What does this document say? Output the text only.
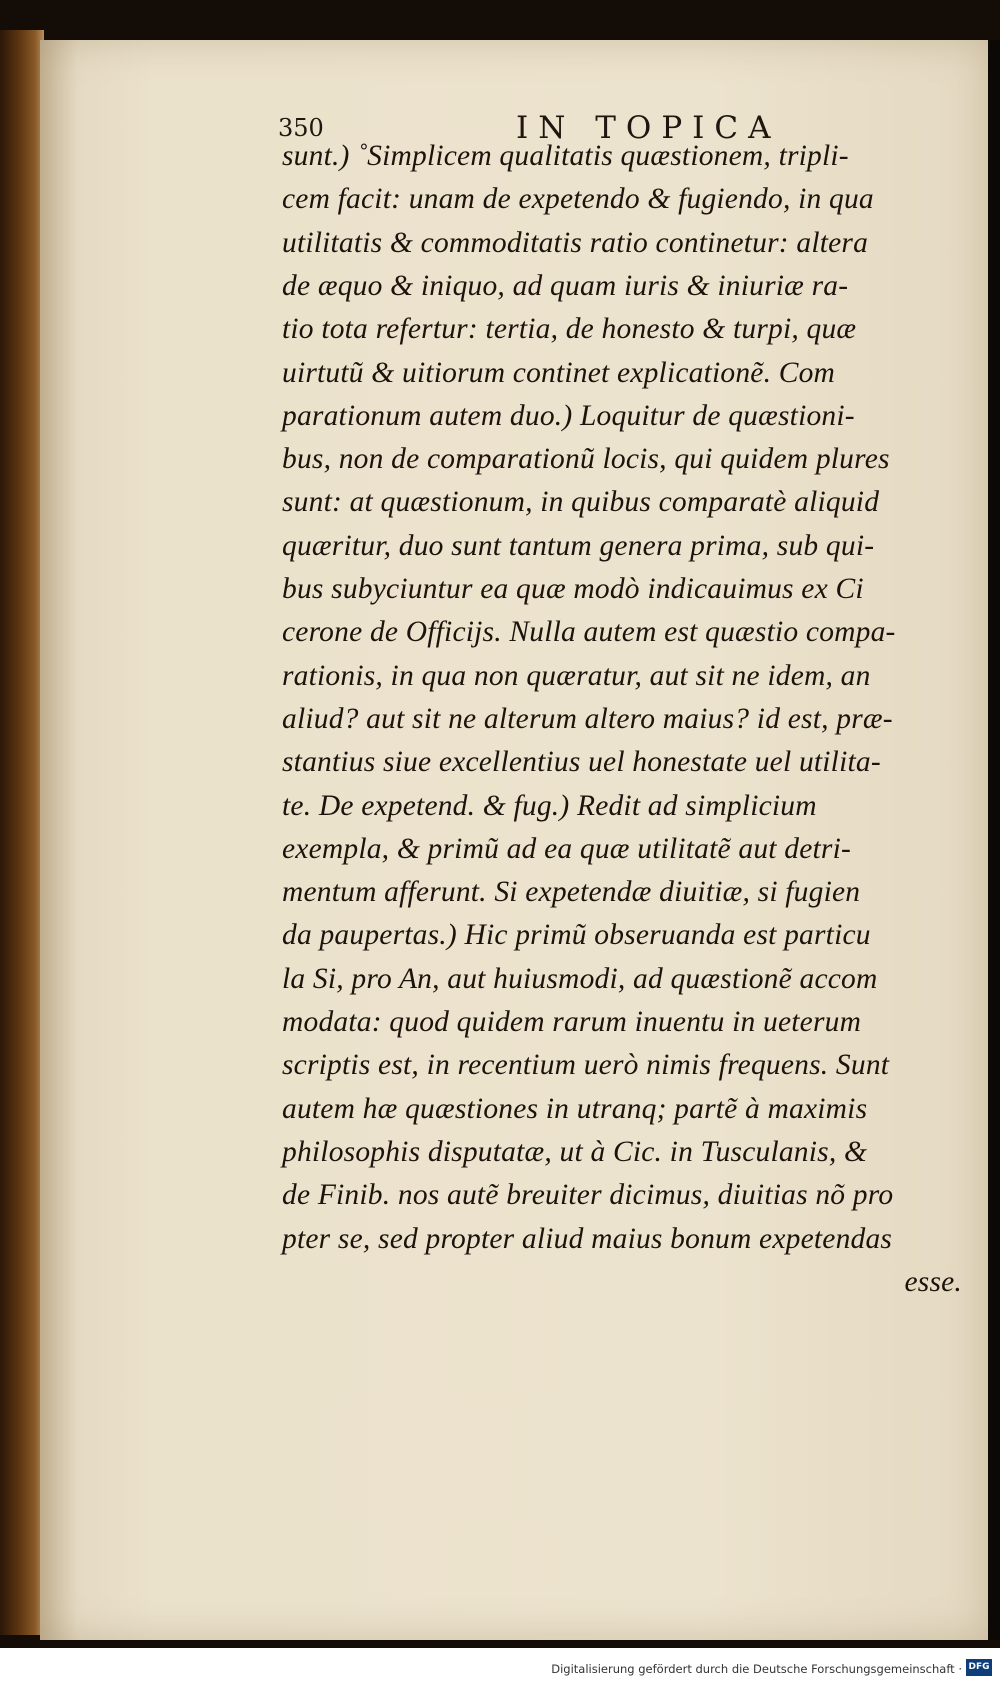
350	IN TOPICA
sunt.) ˚Simplicem qualitatis quæstionem, tripli-
cem facit: unam de expetendo & fugiendo, in qua
utilitatis & commoditatis ratio continetur: altera
de æquo & iniquo, ad quam iuris & iniuriæ ra-
tio tota refertur: tertia, de honesto & turpi, quæ
uirtutũ & uitiorum continet explicationẽ. Com
parationum autem duo.) Loquitur de quæstioni-
bus, non de comparationũ locis, qui quidem plures
sunt: at quæstionum, in quibus comparatè aliquid
quæritur, duo sunt tantum genera prima, sub qui-
bus subyciuntur ea quæ modò indicauimus ex Ci
cerone de Officijs. Nulla autem est quæstio compa-
rationis, in qua non quæratur, aut sit ne idem, an
aliud? aut sit ne alterum altero maius? id est, præ-
stantius siue excellentius uel honestate uel utilita-
te. De expetend. & fug.) Redit ad simplicium
exempla, & primũ ad ea quæ utilitatẽ aut detri-
mentum afferunt. Si expetendæ diuitiæ, si fugien
da paupertas.) Hic primũ obseruanda est particu
la Si, pro An, aut huiusmodi, ad quæstionẽ accom
modata: quod quidem rarum inuentu in ueterum
scriptis est, in recentium uerò nimis frequens. Sunt
autem hæ quæstiones in utranq; partẽ à maximis
philosophis disputatæ, ut à Cic. in Tusculanis, &
de Finib. nos autẽ breuiter dicimus, diuitias nõ pro
pter se, sed propter aliud maius bonum expetendas
esse.
Digitalisierung gefördert durch die Deutsche Forschungsgemeinschaft · DFG
